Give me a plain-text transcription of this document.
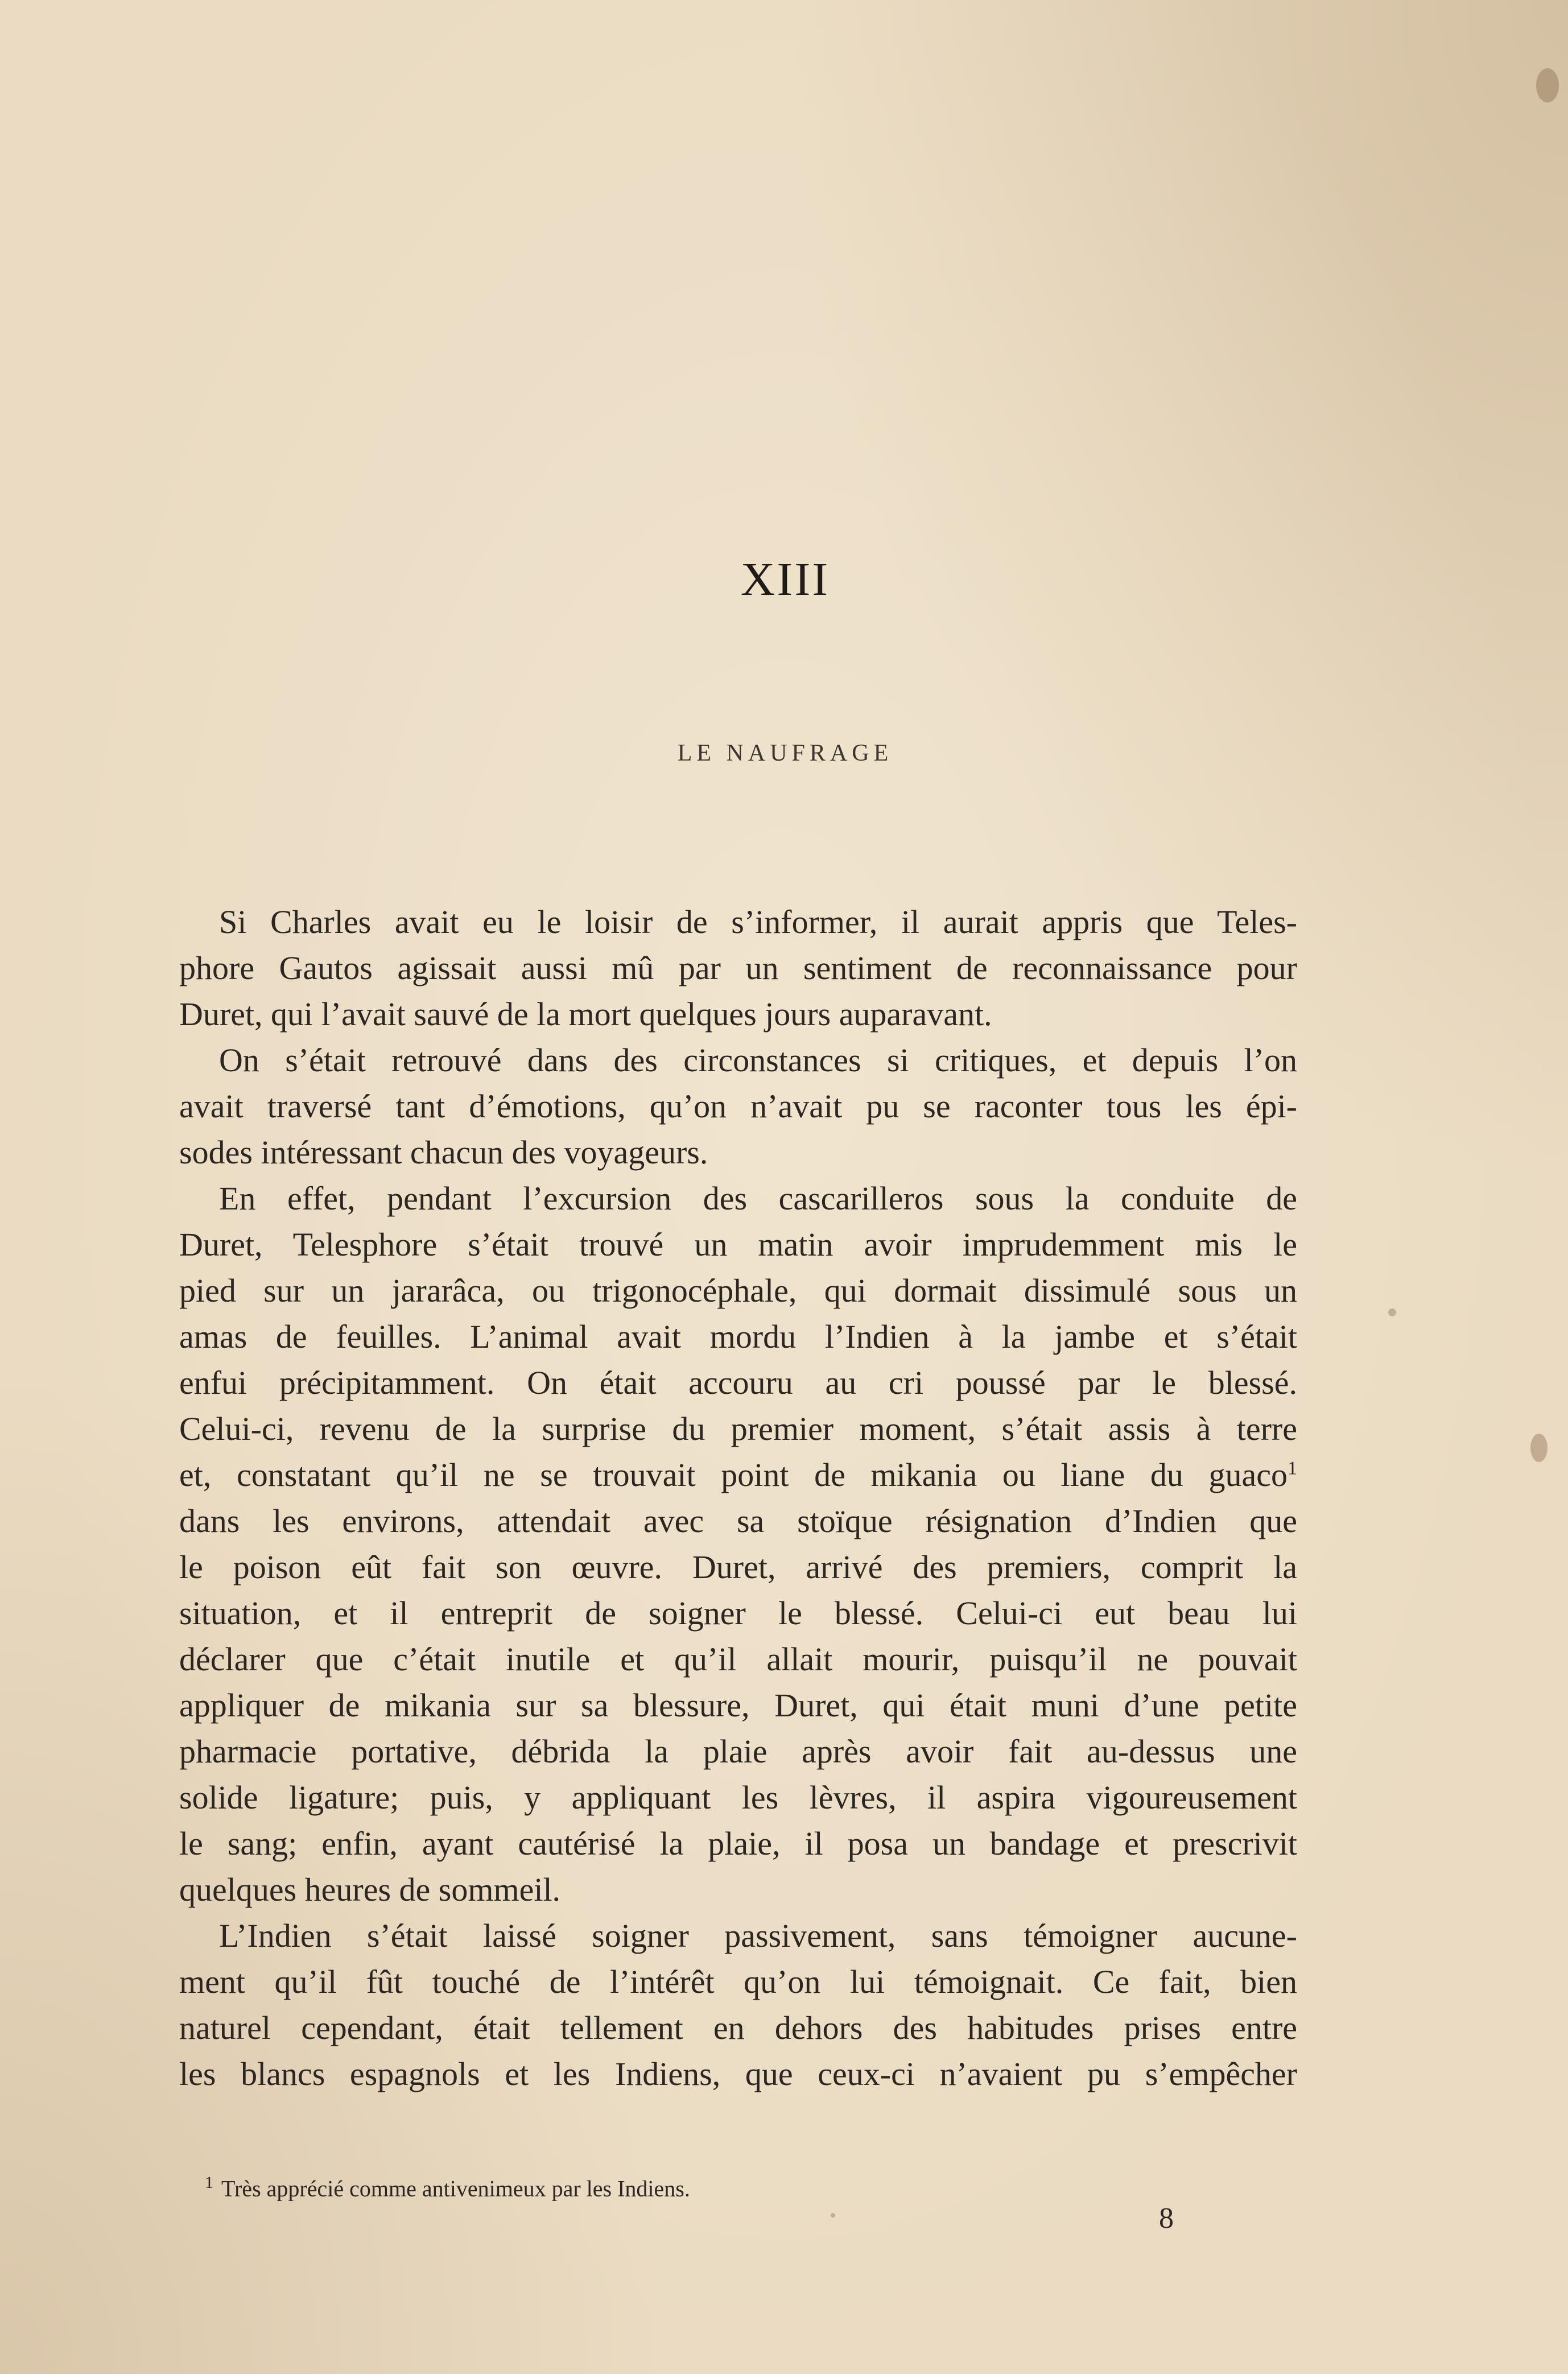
XIII
LE NAUFRAGE
Si Charles avait eu le loisir de s’informer, il aurait appris que Teles-
phore Gautos agissait aussi mû par un sentiment de reconnaissance pour
Duret, qui l’avait sauvé de la mort quelques jours auparavant.
On s’était retrouvé dans des circonstances si critiques, et depuis l’on
avait traversé tant d’émotions, qu’on n’avait pu se raconter tous les épi-
sodes intéressant chacun des voyageurs.
En effet, pendant l’excursion des cascarilleros sous la conduite de
Duret, Telesphore s’était trouvé un matin avoir imprudemment mis le
pied sur un jararâca, ou trigonocéphale, qui dormait dissimulé sous un
amas de feuilles. L’animal avait mordu l’Indien à la jambe et s’était
enfui précipitamment. On était accouru au cri poussé par le blessé.
Celui-ci, revenu de la surprise du premier moment, s’était assis à terre
et, constatant qu’il ne se trouvait point de mikania ou liane du guaco$^1$
dans les environs, attendait avec sa stoïque résignation d’Indien que
le poison eût fait son œuvre. Duret, arrivé des premiers, comprit la
situation, et il entreprit de soigner le blessé. Celui-ci eut beau lui
déclarer que c’était inutile et qu’il allait mourir, puisqu’il ne pouvait
appliquer de mikania sur sa blessure, Duret, qui était muni d’une petite
pharmacie portative, débrida la plaie après avoir fait au-dessus une
solide ligature; puis, y appliquant les lèvres, il aspira vigoureusement
le sang; enfin, ayant cautérisé la plaie, il posa un bandage et prescrivit
quelques heures de sommeil.
L’Indien s’était laissé soigner passivement, sans témoigner aucune-
ment qu’il fût touché de l’intérêt qu’on lui témoignait. Ce fait, bien
naturel cependant, était tellement en dehors des habitudes prises entre
les blancs espagnols et les Indiens, que ceux-ci n’avaient pu s’empêcher
$^1$ Très apprécié comme antivenimeux par les Indiens.
8
